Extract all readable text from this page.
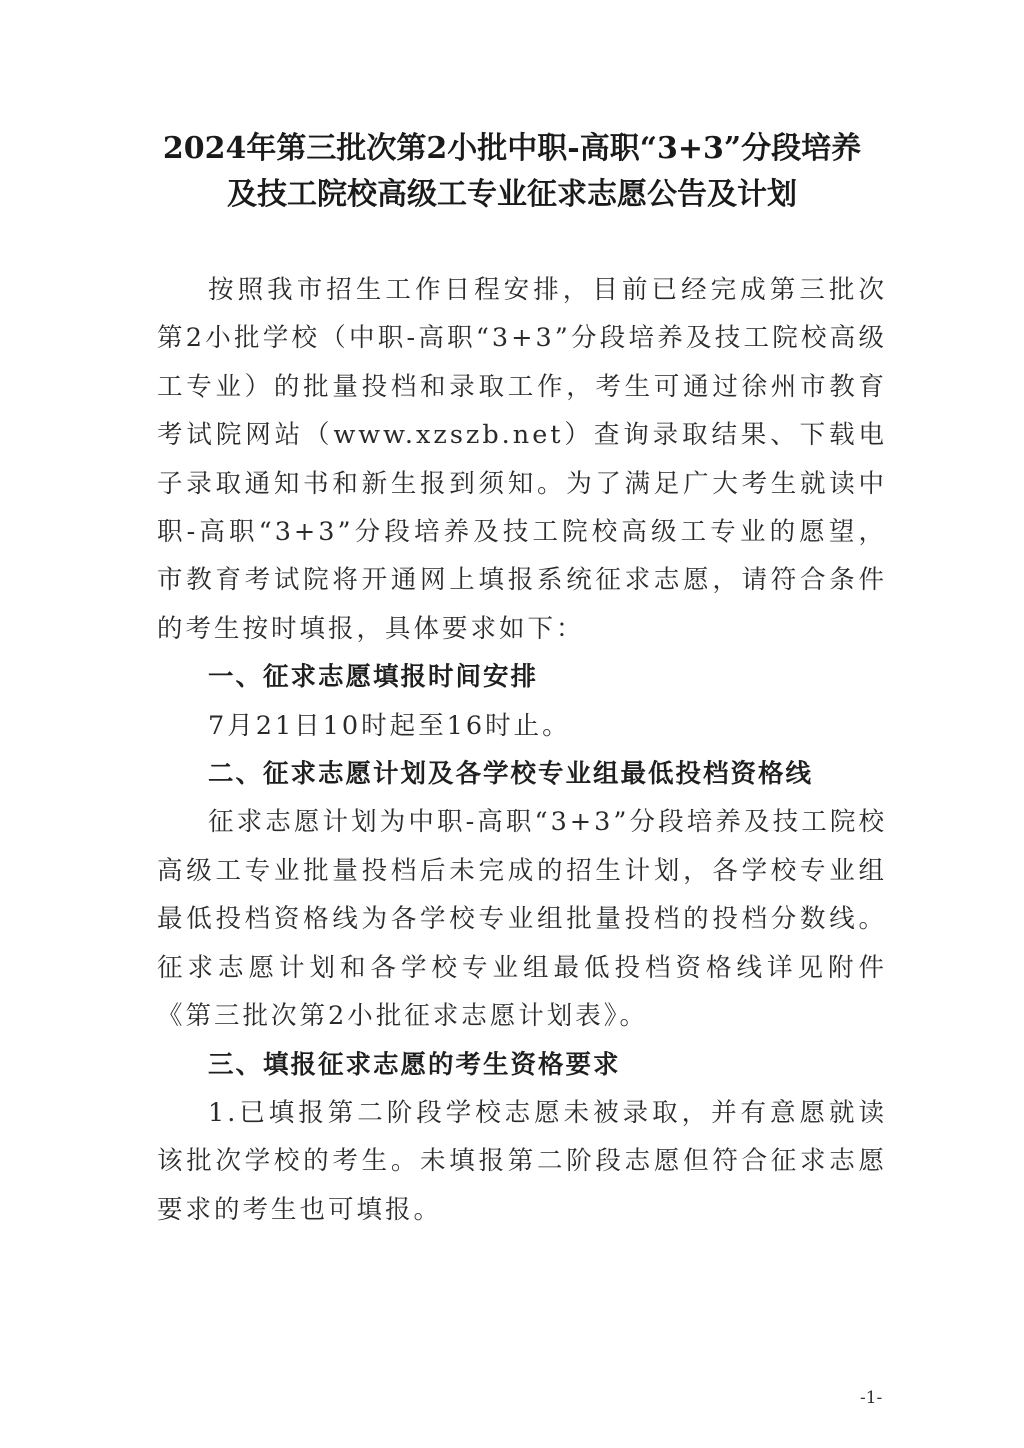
2024年第三批次第2小批中职-高职“3+3”分段培养
及技工院校高级工专业征求志愿公告及计划

按照我市招生工作日程安排，目前已经完成第三批次第2小批学校（中职-高职“3+3”分段培养及技工院校高级工专业）的批量投档和录取工作，考生可通过徐州市教育考试院网站（www.xzszb.net）查询录取结果、下载电子录取通知书和新生报到须知。为了满足广大考生就读中职-高职“3+3”分段培养及技工院校高级工专业的愿望，市教育考试院将开通网上填报系统征求志愿，请符合条件的考生按时填报，具体要求如下：

一、征求志愿填报时间安排

7月21日10时起至16时止。

二、征求志愿计划及各学校专业组最低投档资格线

征求志愿计划为中职-高职“3+3”分段培养及技工院校高级工专业批量投档后未完成的招生计划，各学校专业组最低投档资格线为各学校专业组批量投档的投档分数线。征求志愿计划和各学校专业组最低投档资格线详见附件《第三批次第2小批征求志愿计划表》。

三、填报征求志愿的考生资格要求

1.已填报第二阶段学校志愿未被录取，并有意愿就读该批次学校的考生。未填报第二阶段志愿但符合征求志愿要求的考生也可填报。

-1-
